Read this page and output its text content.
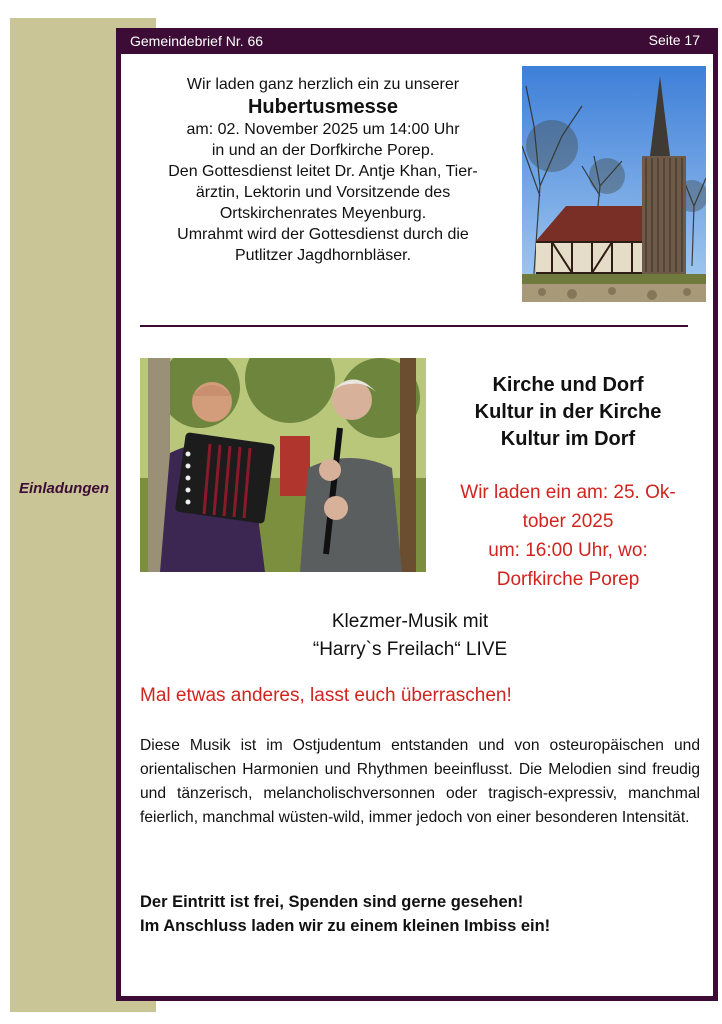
Gemeindebrief Nr. 66	Seite 17
Einladungen
Wir laden ganz herzlich ein zu unserer
Hubertusmesse
am: 02. November 2025 um 14:00 Uhr
in und an der Dorfkirche Porep.
Den Gottesdienst leitet Dr. Antje Khan, Tier-
ärztin, Lektorin und Vorsitzende des
Ortskirchenrates Meyenburg.
Umrahmt wird der Gottesdienst durch die
Putlitzer Jagdhornbläser.
Kirche und Dorf
Kultur in der Kirche
Kultur im Dorf
Wir laden ein am: 25. Ok-
tober 2025
um: 16:00 Uhr, wo:
Dorfkirche Porep
Klezmer-Musik mit
“Harry`s Freilach“ LIVE
Mal etwas anderes, lasst euch überraschen!
Diese Musik ist im Ostjudentum entstanden und von osteuropäischen und orientalischen Harmonien und Rhythmen beeinflusst. Die Melodien sind freudig und tänzerisch, melancholischversonnen oder tragisch-expressiv, manchmal feierlich, manchmal wüsten-wild, immer jedoch von einer besonderen Intensität.
Der Eintritt ist frei, Spenden sind gerne gesehen!
Im Anschluss laden wir zu einem kleinen Imbiss ein!
